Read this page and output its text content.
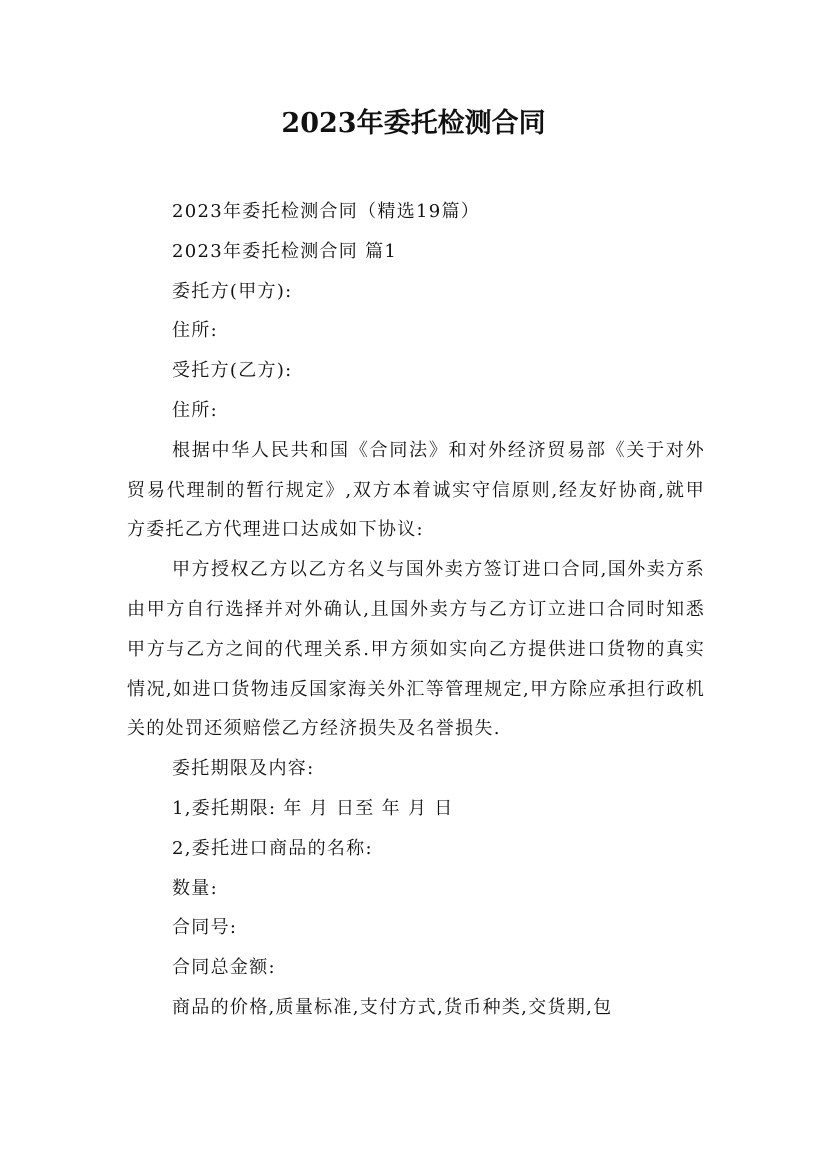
2023年委托检测合同
2023年委托检测合同（精选19篇）
2023年委托检测合同 篇1
委托方(甲方):
住所:
受托方(乙方):
住所:
根据中华人民共和国《合同法》和对外经济贸易部《关于对外贸易代理制的暂行规定》,双方本着诚实守信原则,经友好协商,就甲方委托乙方代理进口达成如下协议:
甲方授权乙方以乙方名义与国外卖方签订进口合同,国外卖方系由甲方自行选择并对外确认,且国外卖方与乙方订立进口合同时知悉甲方与乙方之间的代理关系.甲方须如实向乙方提供进口货物的真实情况,如进口货物违反国家海关外汇等管理规定,甲方除应承担行政机关的处罚还须赔偿乙方经济损失及名誉损失.
委托期限及内容:
1,委托期限: 年 月 日至 年 月 日
2,委托进口商品的名称:
数量:
合同号:
合同总金额:
商品的价格,质量标准,支付方式,货币种类,交货期,包
